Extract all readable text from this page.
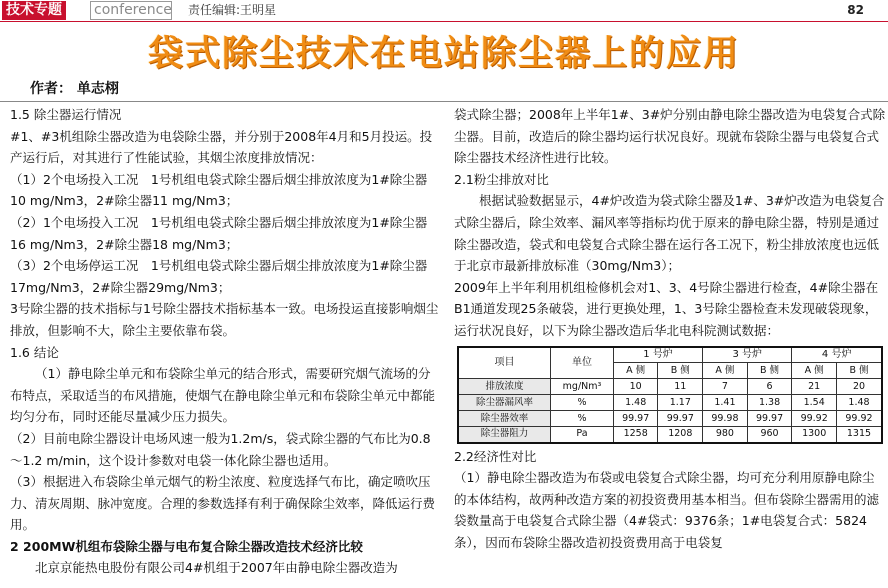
技术专题 conference 责任编辑:王明星	82
袋式除尘技术在电站除尘器上的应用
作者： 单志栩

1.5 除尘器运行情况

#1、#3机组除尘器改造为电袋除尘器，并分别于2008年4月和5月投运。投产运行后，对其进行了性能试验，其烟尘浓度排放情况：

（1）2个电场投入工况　1号机组电袋式除尘器后烟尘排放浓度为1#除尘器10 mg/Nm3，2#除尘器11 mg/Nm3；

（2）1个电场投入工况　1号机组电袋式除尘器后烟尘排放浓度为1#除尘器16 mg/Nm3，2#除尘器18 mg/Nm3；

（3）2个电场停运工况　1号机组电袋式除尘器后烟尘排放浓度为1#除尘器17mg/Nm3，2#除尘器29mg/Nm3；

3号除尘器的技术指标与1号除尘器技术指标基本一致。电场投运直接影响烟尘排放，但影响不大，除尘主要依靠布袋。

1.6 结论

（1）静电除尘单元和布袋除尘单元的结合形式，需要研究烟气流场的分布特点，采取适当的布风措施，使烟气在静电除尘单元和布袋除尘单元中都能均匀分布，同时还能尽量减少压力损失。

（2）目前电除尘器设计电场风速一般为1.2m/s，袋式除尘器的气布比为0.8～1.2 m/min，这个设计参数对电袋一体化除尘器也适用。

（3）根据进入布袋除尘单元烟气的粉尘浓度、粒度选择气布比，确定喷吹压力、清灰周期、脉冲宽度。合理的参数选择有利于确保除尘效率，降低运行费用。

2 200MW机组布袋除尘器与电布复合除尘器改造技术经济比较

北京京能热电股份有限公司4#机组于2007年由静电除尘器改造为

袋式除尘器；2008年上半年1#、3#炉分别由静电除尘器改造为电袋复合式除尘器。目前，改造后的除尘器均运行状况良好。现就布袋除尘器与电袋复合式除尘器技术经济性进行比较。

2.1粉尘排放对比

根据试验数据显示，4#炉改造为袋式除尘器及1#、3#炉改造为电袋复合式除尘器后，除尘效率、漏风率等指标均优于原来的静电除尘器，特别是通过除尘器改造，袋式和电袋复合式除尘器在运行各工况下，粉尘排放浓度也远低于北京市最新排放标准（30mg/Nm3）；

2009年上半年利用机组检修机会对1、3、4号除尘器进行检查，4#除尘器在B1通道发现25条破袋，进行更换处理，1、3号除尘器检查未发现破袋现象，运行状况良好，以下为除尘器改造后华北电科院测试数据：

项目	单位	1 号炉		3 号炉		4 号炉	
		A 侧	B 侧	A 侧	B 侧	A 侧	B 侧
排放浓度	mg/Nm³	10	11	7	6	21	20
除尘器漏风率	%	1.48	1.17	1.41	1.38	1.54	1.48
除尘器效率	%	99.97	99.97	99.98	99.97	99.92	99.92
除尘器阻力	Pa	1258	1208	980	960	1300	1315

2.2经济性对比

（1）静电除尘器改造为布袋或电袋复合式除尘器，均可充分利用原静电除尘的本体结构，故两种改造方案的初投资费用基本相当。但布袋除尘器需用的滤袋数量高于电袋复合式除尘器（4#袋式：9376条；1#电袋复合式：5824条），因而布袋除尘器改造初投资费用高于电袋复
